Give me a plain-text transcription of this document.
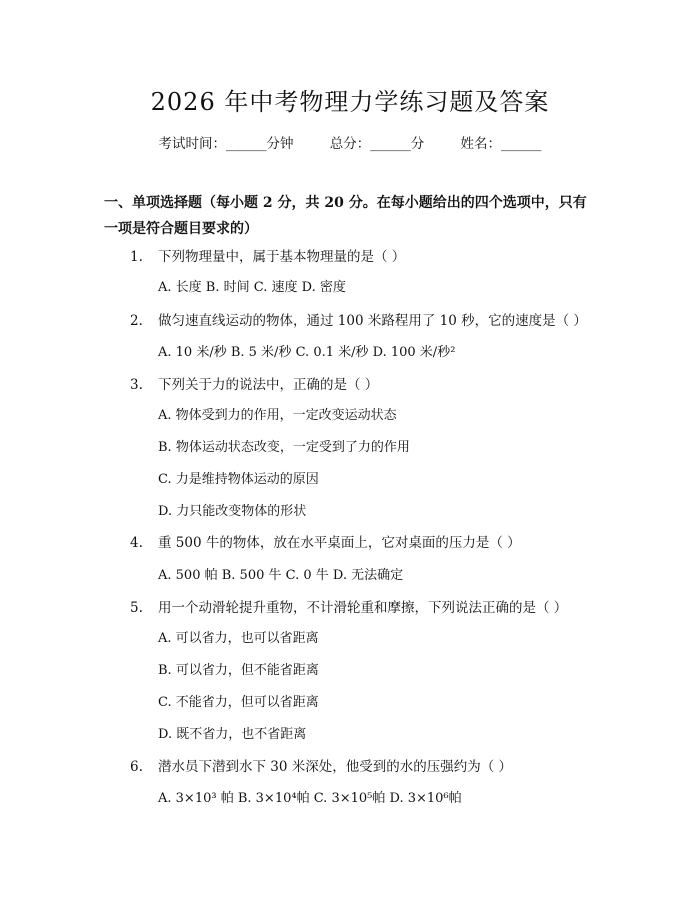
2026 年中考物理力学练习题及答案
考试时间：______分钟	总分：______分	姓名：______
一、单项选择题（每小题 2 分，共 20 分。在每小题给出的四个选项中，只有一项是符合题目要求的）
1. 下列物理量中，属于基本物理量的是（ ）
A. 长度 B. 时间 C. 速度 D. 密度
2. 做匀速直线运动的物体，通过 100 米路程用了 10 秒，它的速度是（ ）
A. 10 米/秒 B. 5 米/秒 C. 0.1 米/秒 D. 100 米/秒²
3. 下列关于力的说法中，正确的是（ ）
A. 物体受到力的作用，一定改变运动状态
B. 物体运动状态改变，一定受到了力的作用
C. 力是维持物体运动的原因
D. 力只能改变物体的形状
4. 重 500 牛的物体，放在水平桌面上，它对桌面的压力是（ ）
A. 500 帕 B. 500 牛 C. 0 牛 D. 无法确定
5. 用一个动滑轮提升重物，不计滑轮重和摩擦，下列说法正确的是（ ）
A. 可以省力，也可以省距离
B. 可以省力，但不能省距离
C. 不能省力，但可以省距离
D. 既不省力，也不省距离
6. 潜水员下潜到水下 30 米深处，他受到的水的压强约为（ ）
A. 3×10³ 帕 B. 3×10⁴帕 C. 3×10⁵帕 D. 3×10⁶帕
